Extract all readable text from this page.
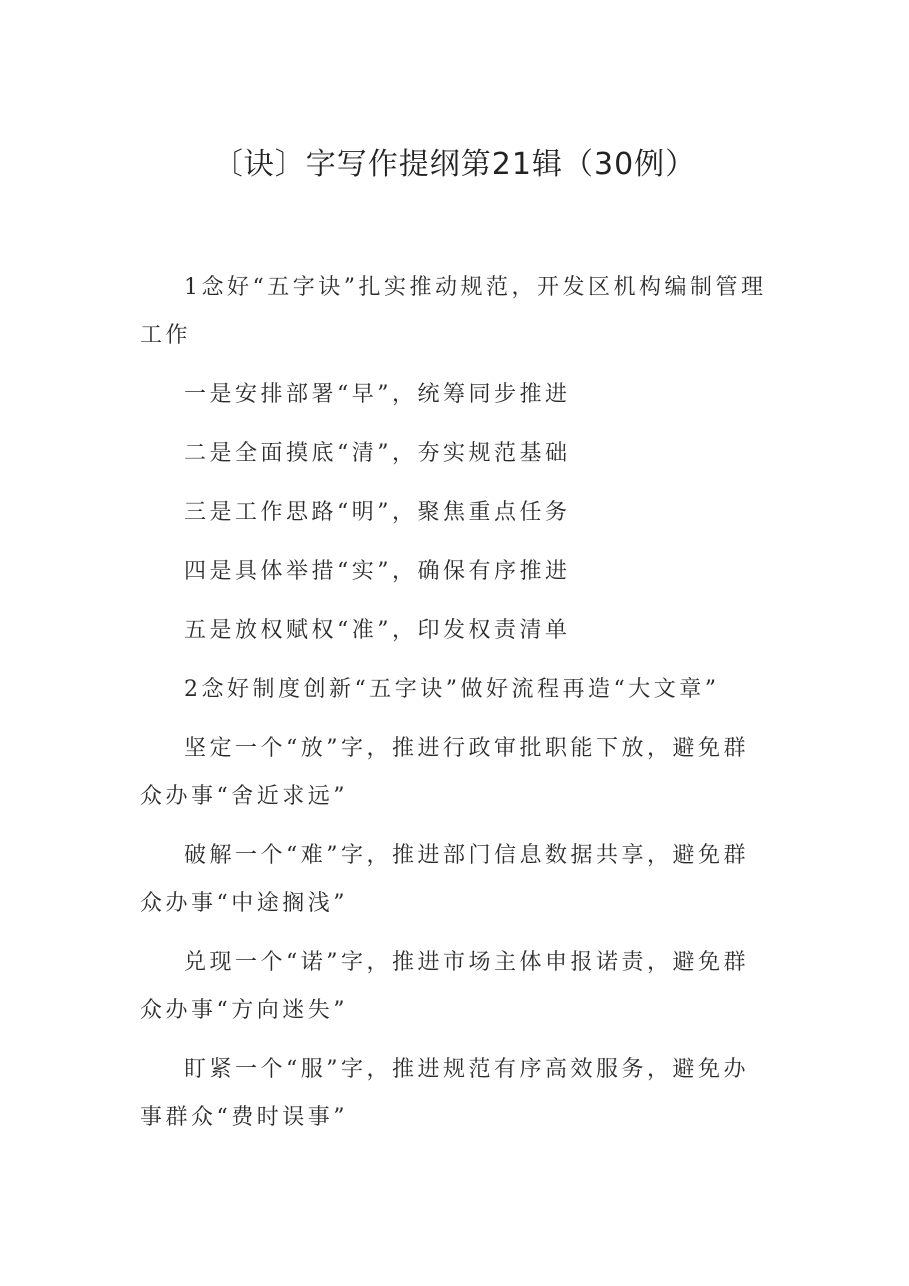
〔诀〕字写作提纲第21辑（30例）

1念好“五字诀”扎实推动规范，开发区机构编制管理工作

一是安排部署“早”，统筹同步推进

二是全面摸底“清”，夯实规范基础

三是工作思路“明”，聚焦重点任务

四是具体举措“实”，确保有序推进

五是放权赋权“准”，印发权责清单

2念好制度创新“五字诀”做好流程再造“大文章”

坚定一个“放”字，推进行政审批职能下放，避免群众办事“舍近求远”

破解一个“难”字，推进部门信息数据共享，避免群众办事“中途搁浅”

兑现一个“诺”字，推进市场主体申报诺责，避免群众办事“方向迷失”

盯紧一个“服”字，推进规范有序高效服务，避免办事群众“费时误事”
